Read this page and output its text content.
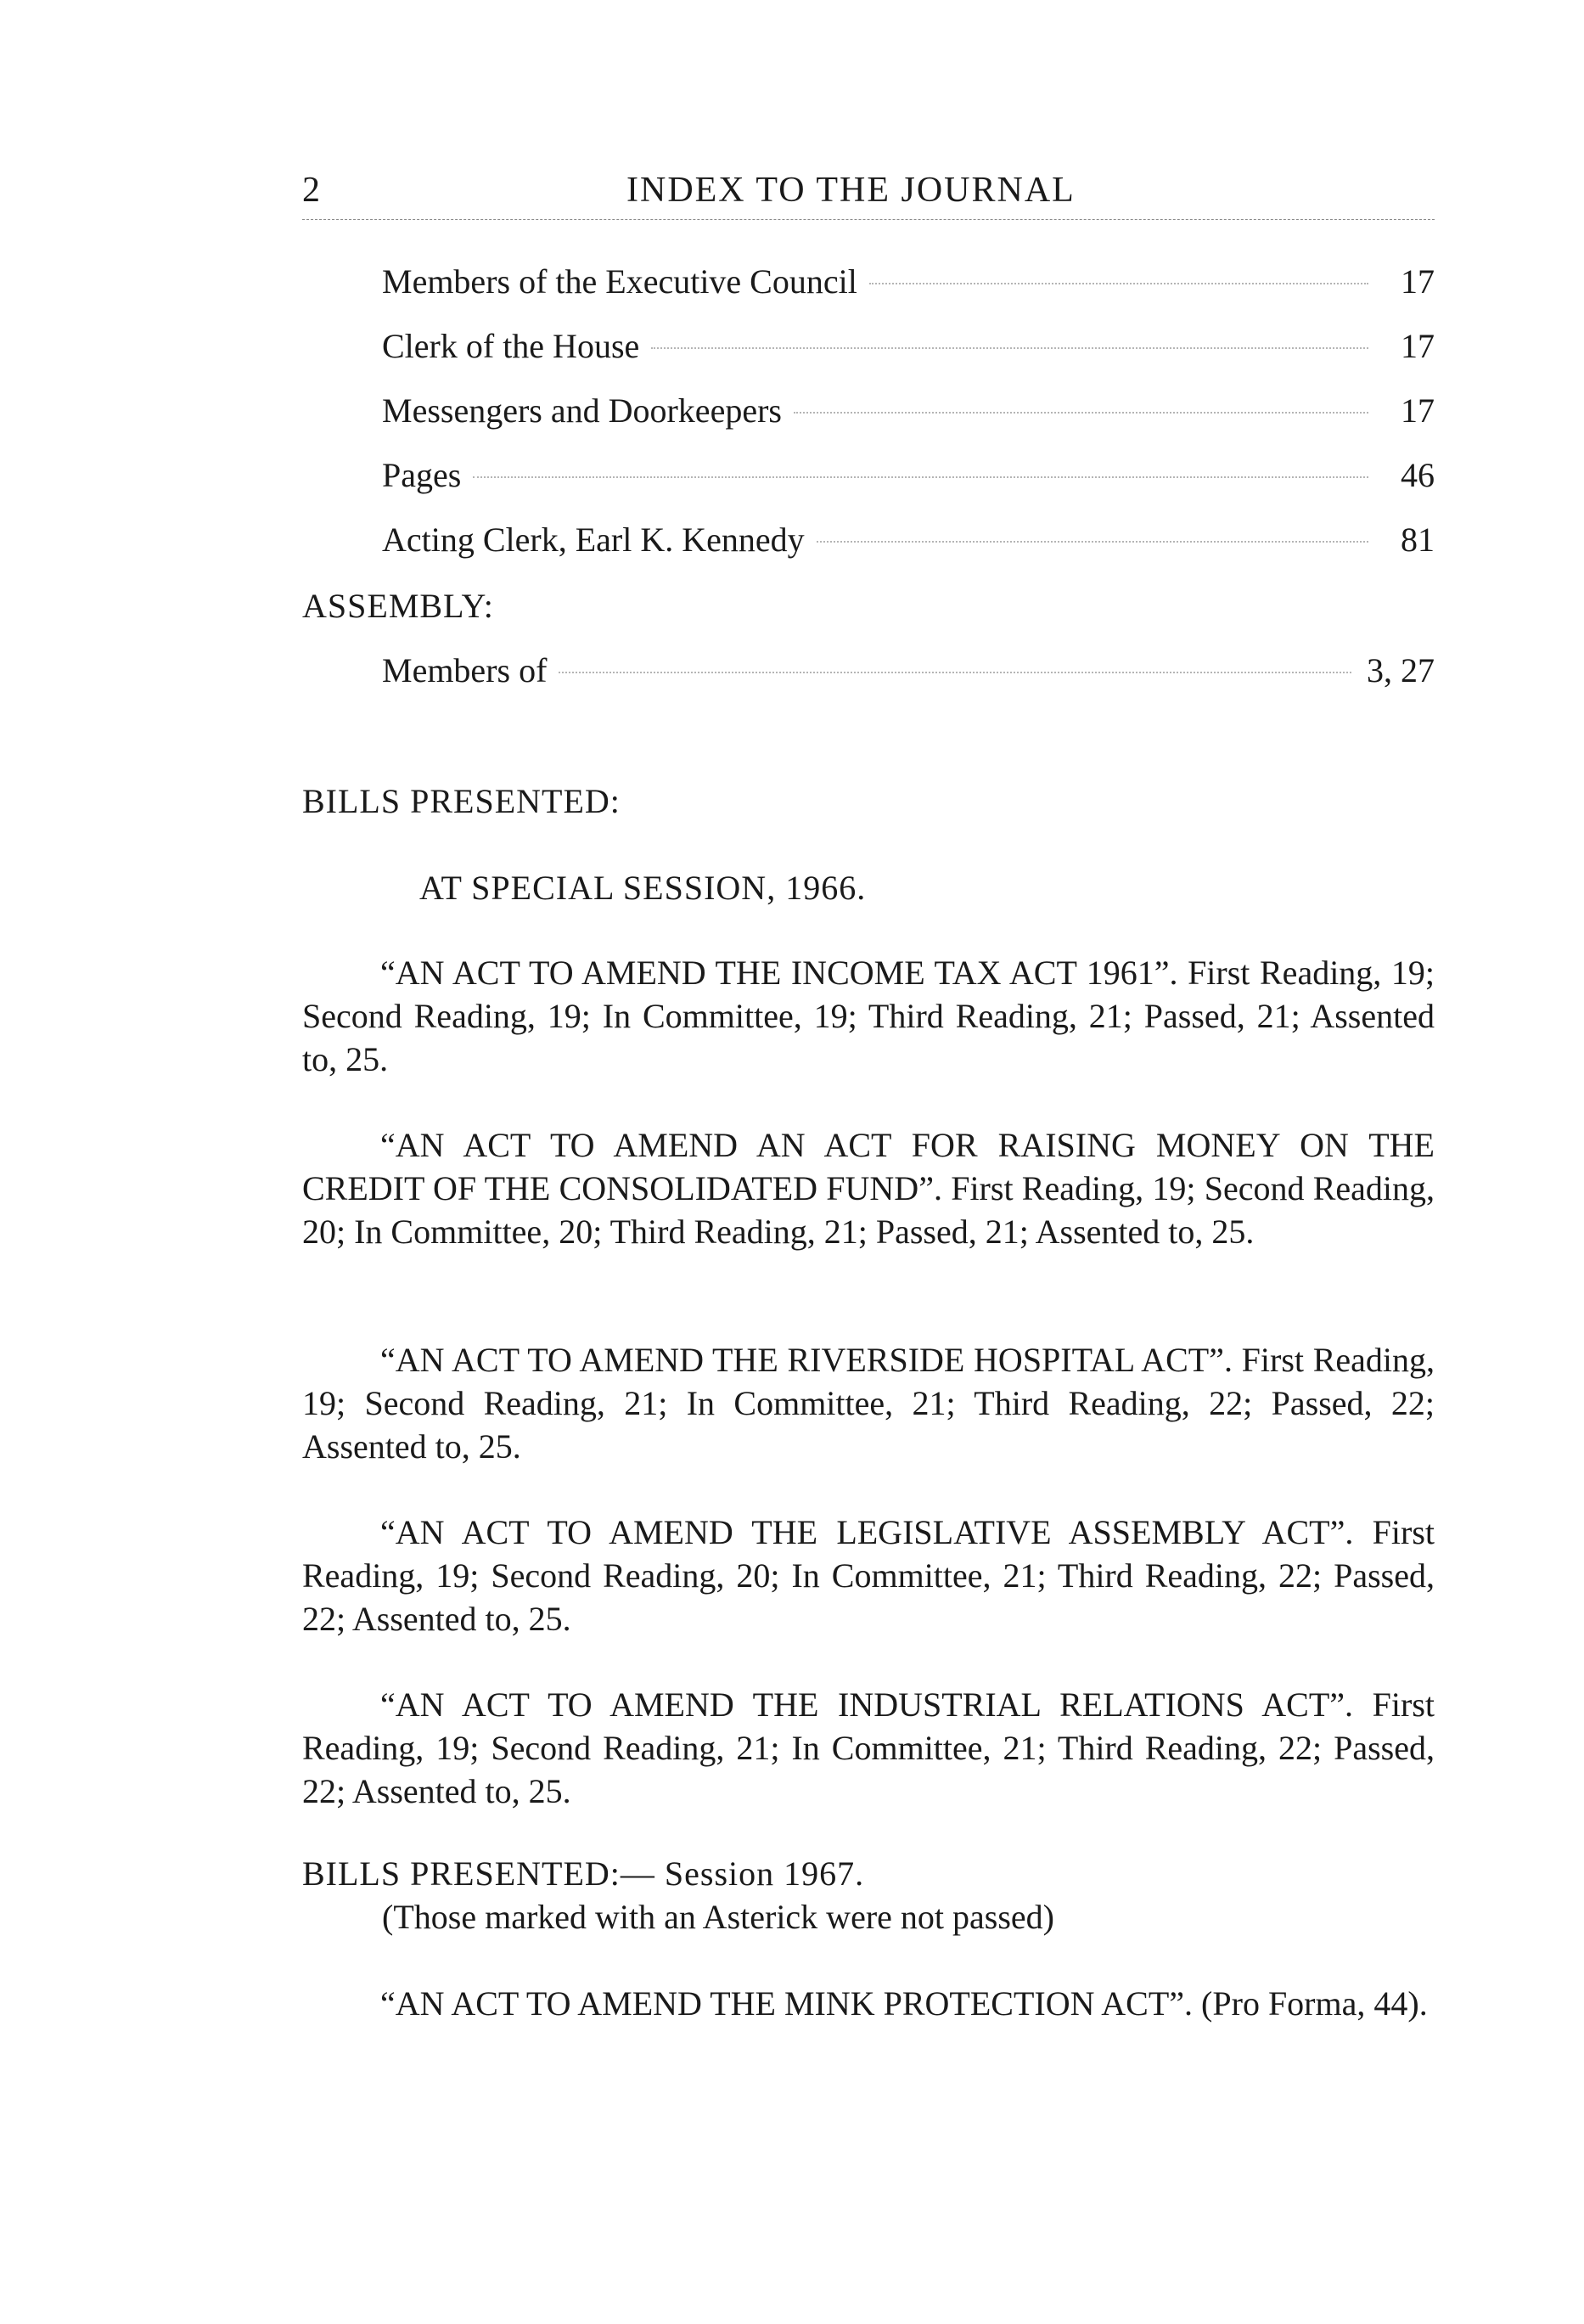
2	INDEX TO THE JOURNAL
Members of the Executive Council	17
Clerk of the House	17
Messengers and Doorkeepers	17
Pages	46
Acting Clerk, Earl K. Kennedy	81
ASSEMBLY:
Members of	3, 27
BILLS PRESENTED:
AT SPECIAL SESSION, 1966.

“AN ACT TO AMEND THE INCOME TAX ACT 1961”. First Reading, 19; Second Reading, 19; In Committee, 19; Third Reading, 21; Passed, 21; Assented to, 25.

“AN ACT TO AMEND AN ACT FOR RAISING MONEY ON THE CREDIT OF THE CONSOLIDATED FUND”. First Reading, 19; Second Reading, 20; In Committee, 20; Third Reading, 21; Passed, 21; Assented to, 25.

“AN ACT TO AMEND THE RIVERSIDE HOSPITAL ACT”. First Reading, 19; Second Reading, 21; In Committee, 21; Third Reading, 22; Passed, 22; Assented to, 25.

“AN ACT TO AMEND THE LEGISLATIVE ASSEMBLY ACT”. First Reading, 19; Second Reading, 20; In Committee, 21; Third Reading, 22; Passed, 22; Assented to, 25.

“AN ACT TO AMEND THE INDUSTRIAL RELATIONS ACT”. First Reading, 19; Second Reading, 21; In Committee, 21; Third Reading, 22; Passed, 22; Assented to, 25.

BILLS PRESENTED:— Session 1967.
(Those marked with an Asterick were not passed)

“AN ACT TO AMEND THE MINK PROTECTION ACT”. (Pro Forma, 44).
